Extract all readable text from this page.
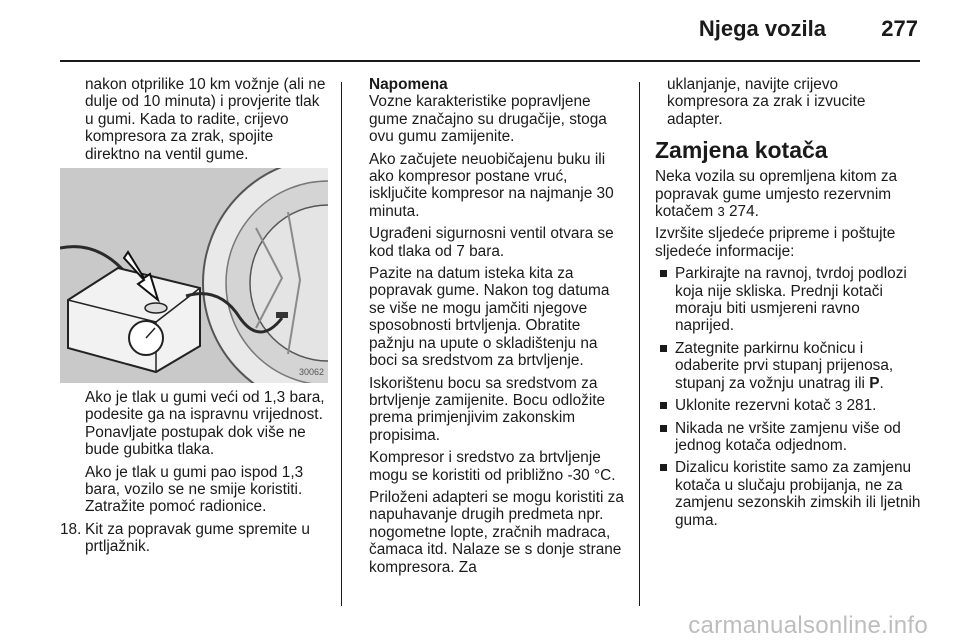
Njega vozila	277

nakon otprilike 10 km vožnje (ali ne dulje od 10 minuta) i provjerite tlak u gumi. Kada to radite, crijevo kompresora za zrak, spojite direktno na ventil gume.

30062

Ako je tlak u gumi veći od 1,3 bara, podesite ga na ispravnu vrijednost. Ponavljate postupak dok više ne bude gubitka tlaka.

Ako je tlak u gumi pao ispod 1,3 bara, vozilo se ne smije koristiti. Zatražite pomoć radionice.

18. Kit za popravak gume spremite u prtljažnik.
Napomena

Vozne karakteristike popravljene gume značajno su drugačije, stoga ovu gumu zamijenite.

Ako začujete neuobičajenu buku ili ako kompresor postane vruć, isključite kompresor na najmanje 30 minuta.

Ugrađeni sigurnosni ventil otvara se kod tlaka od 7 bara.

Pazite na datum isteka kita za popravak gume. Nakon tog datuma se više ne mogu jamčiti njegove sposobnosti brtvljenja. Obratite pažnju na upute o skladištenju na boci sa sredstvom za brtvljenje.

Iskorištenu bocu sa sredstvom za brtvljenje zamijenite. Bocu odložite prema primjenjivim zakonskim propisima.

Kompresor i sredstvo za brtvljenje mogu se koristiti od približno -30 °C.

Priloženi adapteri se mogu koristiti za napuhavanje drugih predmeta npr. nogometne lopte, zračnih madraca, čamaca itd. Nalaze se s donje strane kompresora. Za

uklanjanje, navijte crijevo kompresora za zrak i izvucite adapter.

Zamjena kotača

Neka vozila su opremljena kitom za popravak gume umjesto rezervnim kotačem 3 274.

Izvršite sljedeće pripreme i poštujte sljedeće informacije:

Parkirajte na ravnoj, tvrdoj podlozi koja nije skliska. Prednji kotači moraju biti usmjereni ravno naprijed.
Zategnite parkirnu kočnicu i odaberite prvi stupanj prijenosa, stupanj za vožnju unatrag ili P.
Uklonite rezervni kotač 3 281.
Nikada ne vršite zamjenu više od jednog kotača odjednom.
Dizalicu koristite samo za zamjenu kotača u slučaju probijanja, ne za zamjenu sezonskih zimskih ili ljetnih guma.
carmanualsonline.info
